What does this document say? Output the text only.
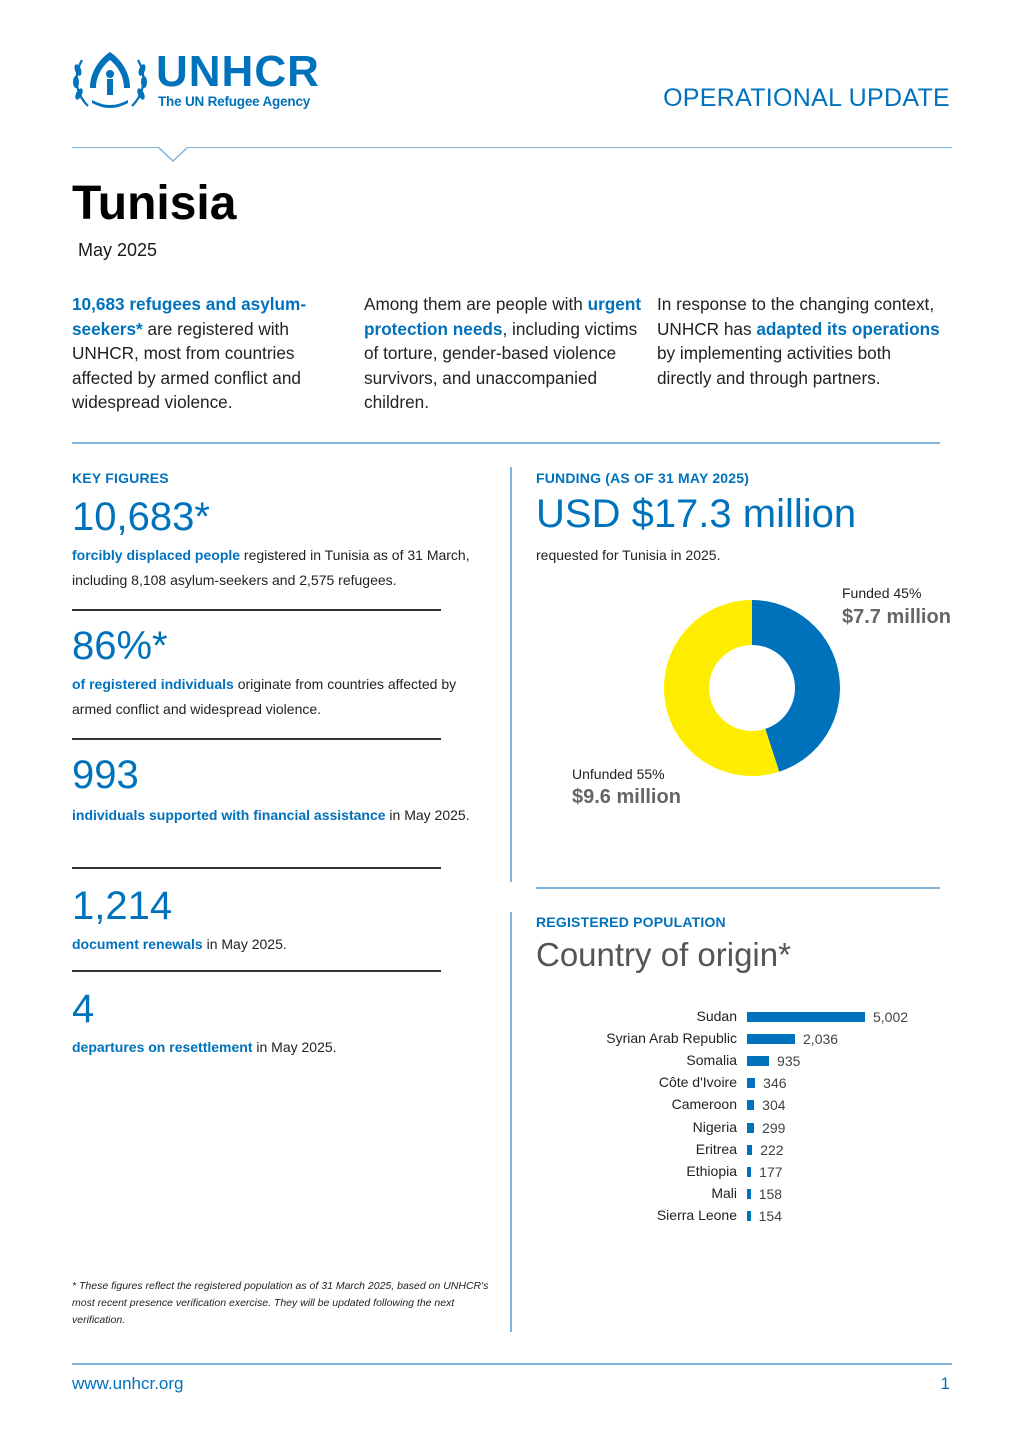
UNHCR
The UN Refugee Agency	OPERATIONAL UPDATE
Tunisia
May 2025
10,683 refugees and asylum-seekers* are registered with UNHCR, most from countries affected by armed conflict and widespread violence.
Among them are people with urgent protection needs, including victims of torture, gender-based violence survivors, and unaccompanied children.
In response to the changing context, UNHCR has adapted its operations by implementing activities both directly and through partners.
KEY FIGURES
10,683*
forcibly displaced people registered in Tunisia as of 31 March, including 8,108 asylum-seekers and 2,575 refugees.
86%*
of registered individuals originate from countries affected by armed conflict and widespread violence.
993
individuals supported with financial assistance in May 2025.
1,214
document renewals in May 2025.
4
departures on resettlement in May 2025.
FUNDING (AS OF 31 MAY 2025)
USD $17.3 million
requested for Tunisia in 2025.
Funded 45%
$7.7 million
Unfunded 55%
$9.6 million
REGISTERED POPULATION
Country of origin*
Sudan	5,002
Syrian Arab Republic	2,036
Somalia	935
Côte d'Ivoire 346
Cameroon 304
Nigeria 299
Eritrea 222
Ethiopia 177
Mali 158
Sierra Leone 154
* These figures reflect the registered population as of 31 March 2025, based on UNHCR's most recent presence verification exercise. They will be updated following the next verification.
www.unhcr.org	1
